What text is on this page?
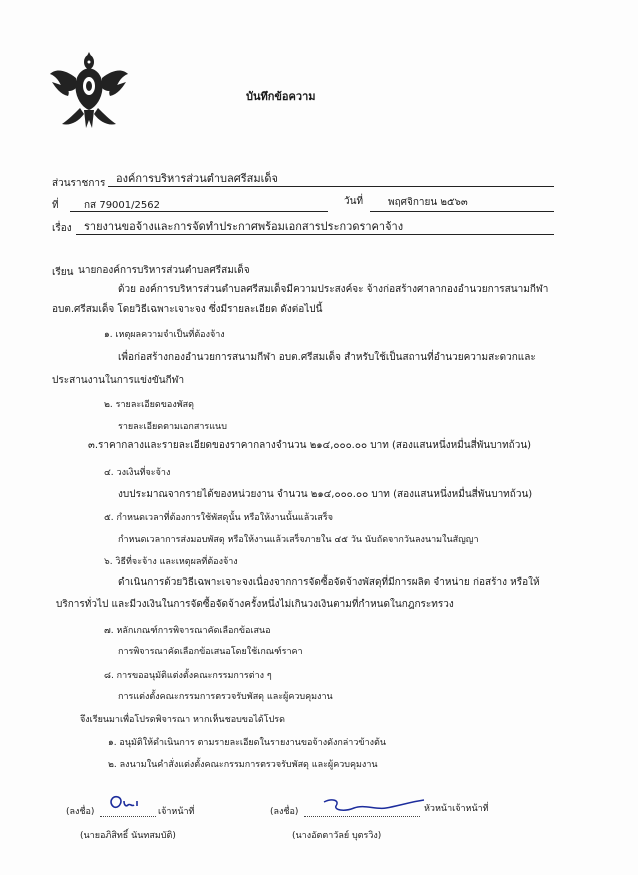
บันทึกข้อความ
ส่วนราชการ องค์การบริหารส่วนตำบลศรีสมเด็จ
ที่	กส 79001/2562	วันที่ พฤศจิกายน ๒๕๖๓
เรื่อง รายงานขอจ้างและการจัดทำประกาศพร้อมเอกสารประกวดราคาจ้าง
เรียน นายกองค์การบริหารส่วนตำบลศรีสมเด็จ
ด้วย องค์การบริหารส่วนตำบลศรีสมเด็จมีความประสงค์จะ จ้างก่อสร้างศาลากองอำนวยการสนามกีฬา
อบต.ศรีสมเด็จ โดยวิธีเฉพาะเจาะจง ซึ่งมีรายละเอียด ดังต่อไปนี้
๑. เหตุผลความจำเป็นที่ต้องจ้าง
เพื่อก่อสร้างกองอำนวยการสนามกีฬา อบต.ศรีสมเด็จ สำหรับใช้เป็นสถานที่อำนวยความสะดวกและ
ประสานงานในการแข่งขันกีฬา
๒. รายละเอียดของพัสดุ
รายละเอียดตามเอกสารแนบ
๓.ราคากลางและรายละเอียดของราคากลางจำนวน ๒๑๔,๐๐๐.๐๐ บาท (สองแสนหนึ่งหมื่นสี่พันบาทถ้วน)
๔. วงเงินที่จะจ้าง
งบประมาณจากรายได้ของหน่วยงาน จำนวน ๒๑๔,๐๐๐.๐๐ บาท (สองแสนหนึ่งหมื่นสี่พันบาทถ้วน)
๕. กำหนดเวลาที่ต้องการใช้พัสดุนั้น หรือให้งานนั้นแล้วเสร็จ
กำหนดเวลาการส่งมอบพัสดุ หรือให้งานแล้วเสร็จภายใน ๔๕ วัน นับถัดจากวันลงนามในสัญญา
๖. วิธีที่จะจ้าง และเหตุผลที่ต้องจ้าง
ดำเนินการด้วยวิธีเฉพาะเจาะจงเนื่องจากการจัดซื้อจัดจ้างพัสดุที่มีการผลิต จำหน่าย ก่อสร้าง หรือให้
บริการทั่วไป และมีวงเงินในการจัดซื้อจัดจ้างครั้งหนึ่งไม่เกินวงเงินตามที่กำหนดในกฎกระทรวง
๗. หลักเกณฑ์การพิจารณาคัดเลือกข้อเสนอ
การพิจารณาคัดเลือกข้อเสนอโดยใช้เกณฑ์ราคา
๘. การขออนุมัติแต่งตั้งคณะกรรมการต่าง ๆ
การแต่งตั้งคณะกรรมการตรวจรับพัสดุ และผู้ควบคุมงาน
จึงเรียนมาเพื่อโปรดพิจารณา หากเห็นชอบขอได้โปรด
๑. อนุมัติให้ดำเนินการ ตามรายละเอียดในรายงานขอจ้างดังกล่าวข้างต้น
๒. ลงนามในคำสั่งแต่งตั้งคณะกรรมการตรวจรับพัสดุ และผู้ควบคุมงาน
(ลงชื่อ)	เจ้าหน้าที่
(นายอภิสิทธิ์ นันทสมบัติ)
(ลงชื่อ)	หัวหน้าเจ้าหน้าที่
(นางอัตตาวัลย์ บุตรวิง)
